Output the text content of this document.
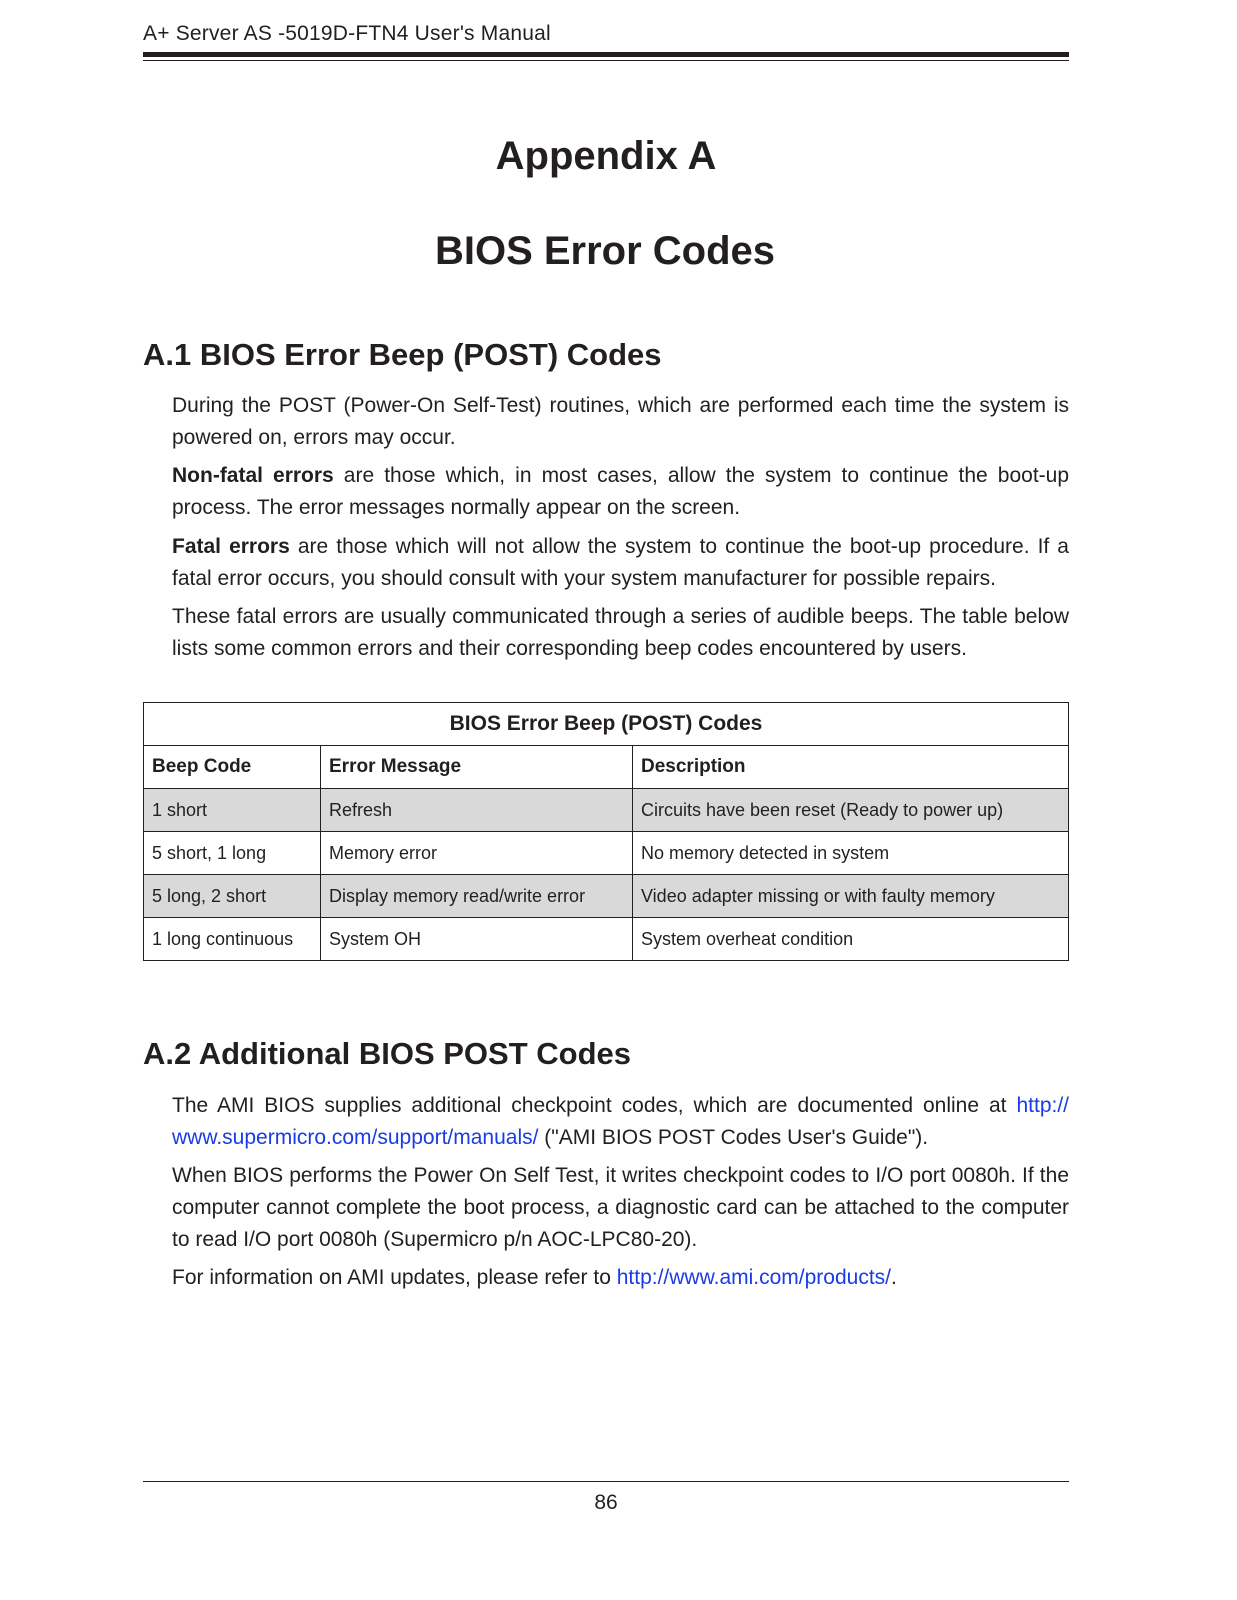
A+ Server AS -5019D-FTN4 User's Manual
Appendix A
BIOS Error Codes
A.1 BIOS Error Beep (POST) Codes

During the POST (Power-On Self-Test) routines, which are performed each time the system is powered on, errors may occur.

Non-fatal errors are those which, in most cases, allow the system to continue the boot-up process. The error messages normally appear on the screen.

Fatal errors are those which will not allow the system to continue the boot-up procedure. If a fatal error occurs, you should consult with your system manufacturer for possible repairs.

These fatal errors are usually communicated through a series of audible beeps. The table below lists some common errors and their corresponding beep codes encountered by users.

BIOS Error Beep (POST) Codes		
Beep Code	Error Message	Description
1 short	Refresh	Circuits have been reset (Ready to power up)
5 short, 1 long	Memory error	No memory detected in system
5 long, 2 short	Display memory read/write error	Video adapter missing or with faulty memory
1 long continuous	System OH	System overheat condition
A.2 Additional BIOS POST Codes

The AMI BIOS supplies additional checkpoint codes, which are documented online at http:// www.supermicro.com/support/manuals/ ("AMI BIOS POST Codes User's Guide").

When BIOS performs the Power On Self Test, it writes checkpoint codes to I/O port 0080h. If the computer cannot complete the boot process, a diagnostic card can be attached to the computer to read I/O port 0080h (Supermicro p/n AOC-LPC80-20).

For information on AMI updates, please refer to http://www.ami.com/products/.

86
